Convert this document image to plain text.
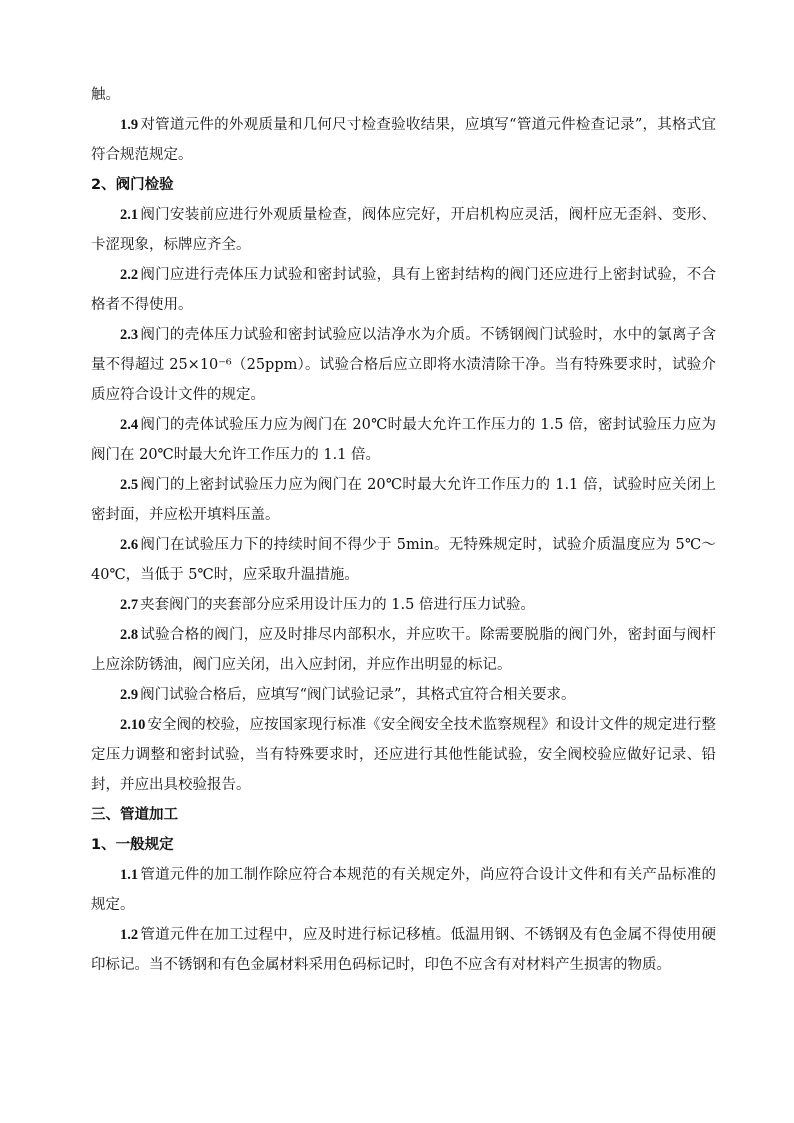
触。

1.9 对管道元件的外观质量和几何尺寸检查验收结果，应填写“管道元件检查记录”，其格式宜符合规范规定。

2、阀门检验

2.1 阀门安装前应进行外观质量检查，阀体应完好，开启机构应灵活，阀杆应无歪斜、变形、卡涩现象，标牌应齐全。

2.2 阀门应进行壳体压力试验和密封试验，具有上密封结构的阀门还应进行上密封试验，不合格者不得使用。

2.3 阀门的壳体压力试验和密封试验应以洁净水为介质。不锈钢阀门试验时，水中的氯离子含量不得超过 25×10⁻⁶（25ppm）。试验合格后应立即将水渍清除干净。当有特殊要求时，试验介质应符合设计文件的规定。

2.4 阀门的壳体试验压力应为阀门在 20℃时最大允许工作压力的 1.5 倍，密封试验压力应为阀门在 20℃时最大允许工作压力的 1.1 倍。

2.5 阀门的上密封试验压力应为阀门在 20℃时最大允许工作压力的 1.1 倍，试验时应关闭上密封面，并应松开填料压盖。

2.6 阀门在试验压力下的持续时间不得少于 5min。无特殊规定时，试验介质温度应为 5℃～40℃，当低于 5℃时，应采取升温措施。

2.7 夹套阀门的夹套部分应采用设计压力的 1.5 倍进行压力试验。

2.8 试验合格的阀门，应及时排尽内部积水，并应吹干。除需要脱脂的阀门外，密封面与阀杆上应涂防锈油，阀门应关闭，出入应封闭，并应作出明显的标记。

2.9 阀门试验合格后，应填写“阀门试验记录”，其格式宜符合相关要求。

2.10 安全阀的校验，应按国家现行标准《安全阀安全技术监察规程》和设计文件的规定进行整定压力调整和密封试验，当有特殊要求时，还应进行其他性能试验，安全阀校验应做好记录、铅封，并应出具校验报告。

三、管道加工

1、一般规定

1.1 管道元件的加工制作除应符合本规范的有关规定外，尚应符合设计文件和有关产品标准的规定。

1.2 管道元件在加工过程中，应及时进行标记移植。低温用钢、不锈钢及有色金属不得使用硬印标记。当不锈钢和有色金属材料采用色码标记时，印色不应含有对材料产生损害的物质。
